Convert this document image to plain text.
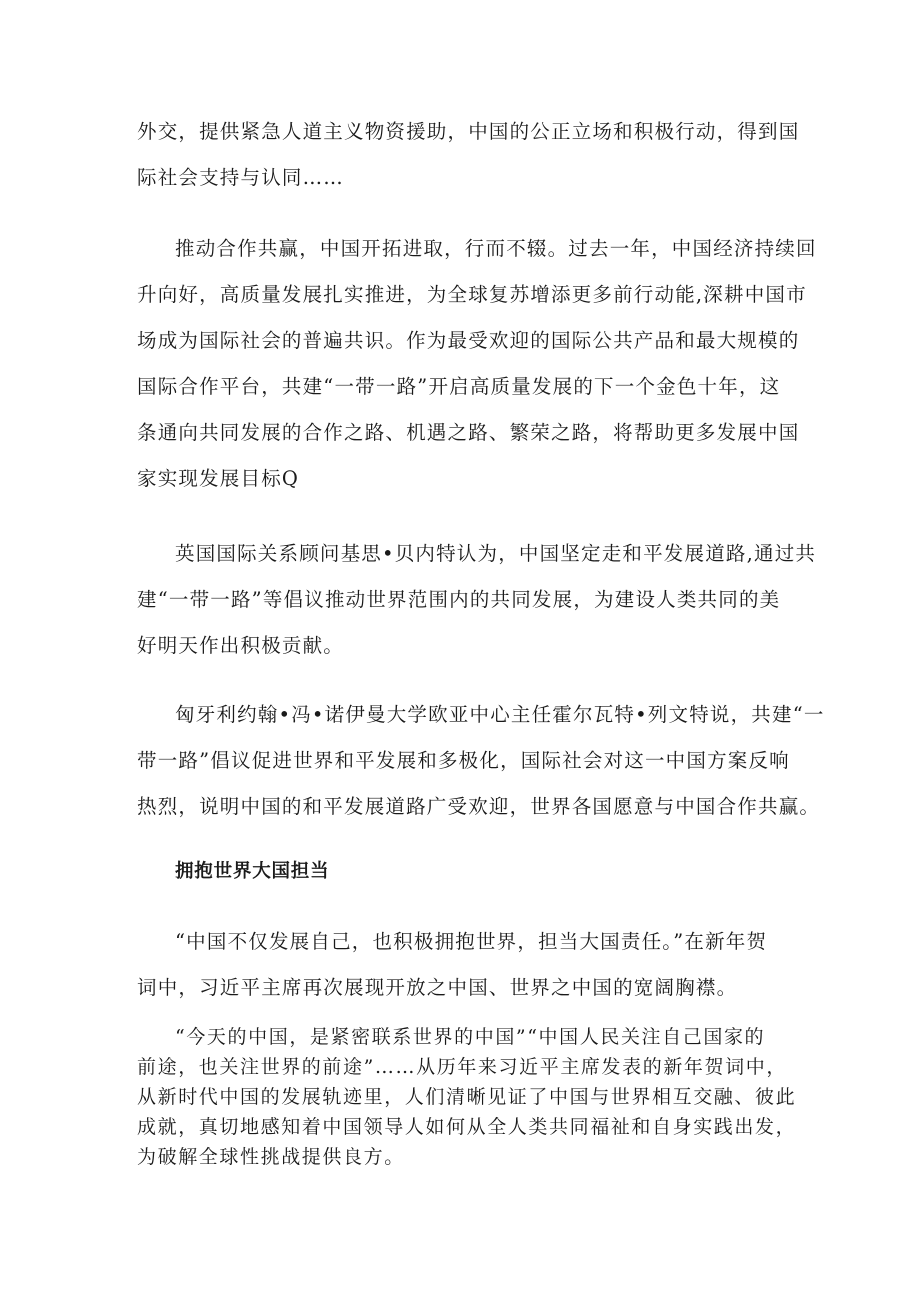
外交，提供紧急人道主义物资援助，中国的公正立场和积极行动，得到国
际社会支持与认同……

推动合作共赢，中国开拓进取，行而不辍。过去一年，中国经济持续回
升向好，高质量发展扎实推进，为全球复苏增添更多前行动能,深耕中国市
场成为国际社会的普遍共识。作为最受欢迎的国际公共产品和最大规模的
国际合作平台，共建“一带一路”开启高质量发展的下一个金色十年，这
条通向共同发展的合作之路、机遇之路、繁荣之路，将帮助更多发展中国
家实现发展目标Q

英国国际关系顾问基思•贝内特认为，中国坚定走和平发展道路,通过共
建“一带一路”等倡议推动世界范围内的共同发展，为建设人类共同的美
好明天作出积极贡献。

匈牙利约翰•冯•诺伊曼大学欧亚中心主任霍尔瓦特•列文特说，共建“一
带一路”倡议促进世界和平发展和多极化，国际社会对这一中国方案反响
热烈，说明中国的和平发展道路广受欢迎，世界各国愿意与中国合作共赢。

拥抱世界大国担当

“中国不仅发展自己，也积极拥抱世界，担当大国责任。”在新年贺
词中，习近平主席再次展现开放之中国、世界之中国的宽阔胸襟。

“今天的中国，是紧密联系世界的中国”“中国人民关注自己国家的
前途，也关注世界的前途”……从历年来习近平主席发表的新年贺词中，
从新时代中国的发展轨迹里，人们清晰见证了中国与世界相互交融、彼此
成就，真切地感知着中国领导人如何从全人类共同福祉和自身实践出发，
为破解全球性挑战提供良方。
